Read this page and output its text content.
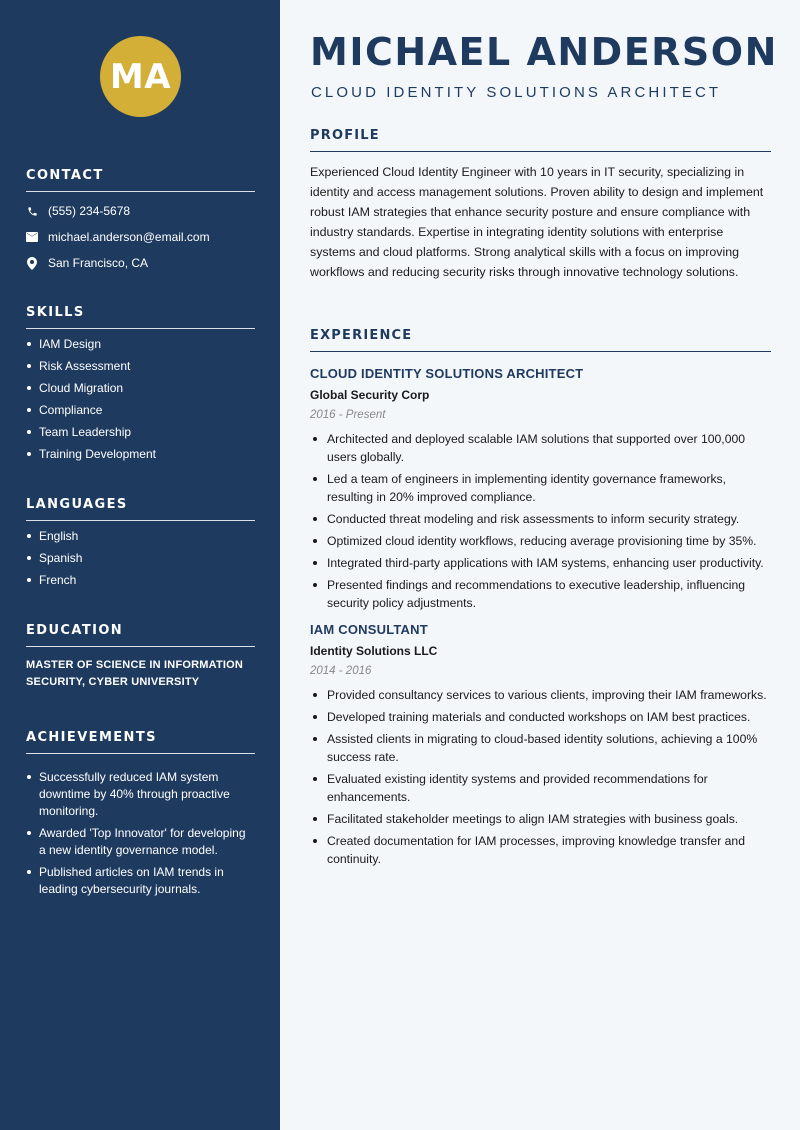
MA
CONTACT
(555) 234-5678
michael.anderson@email.com
San Francisco, CA
SKILLS
IAM Design
Risk Assessment
Cloud Migration
Compliance
Team Leadership
Training Development
LANGUAGES
English
Spanish
French
EDUCATION

MASTER OF SCIENCE IN INFORMATION SECURITY, CYBER UNIVERSITY

ACHIEVEMENTS
Successfully reduced IAM system downtime by 40% through proactive monitoring.
Awarded 'Top Innovator' for developing a new identity governance model.
Published articles on IAM trends in leading cybersecurity journals.
MICHAEL ANDERSON
CLOUD IDENTITY SOLUTIONS ARCHITECT
PROFILE

Experienced Cloud Identity Engineer with 10 years in IT security, specializing in identity and access management solutions. Proven ability to design and implement robust IAM strategies that enhance security posture and ensure compliance with industry standards. Expertise in integrating identity solutions with enterprise systems and cloud platforms. Strong analytical skills with a focus on improving workflows and reducing security risks through innovative technology solutions.

EXPERIENCE
CLOUD IDENTITY SOLUTIONS ARCHITECT
Global Security Corp
2016 - Present
Architected and deployed scalable IAM solutions that supported over 100,000 users globally.
Led a team of engineers in implementing identity governance frameworks, resulting in 20% improved compliance.
Conducted threat modeling and risk assessments to inform security strategy.
Optimized cloud identity workflows, reducing average provisioning time by 35%.
Integrated third-party applications with IAM systems, enhancing user productivity.
Presented findings and recommendations to executive leadership, influencing security policy adjustments.
IAM CONSULTANT
Identity Solutions LLC
2014 - 2016
Provided consultancy services to various clients, improving their IAM frameworks.
Developed training materials and conducted workshops on IAM best practices.
Assisted clients in migrating to cloud-based identity solutions, achieving a 100% success rate.
Evaluated existing identity systems and provided recommendations for enhancements.
Facilitated stakeholder meetings to align IAM strategies with business goals.
Created documentation for IAM processes, improving knowledge transfer and continuity.
